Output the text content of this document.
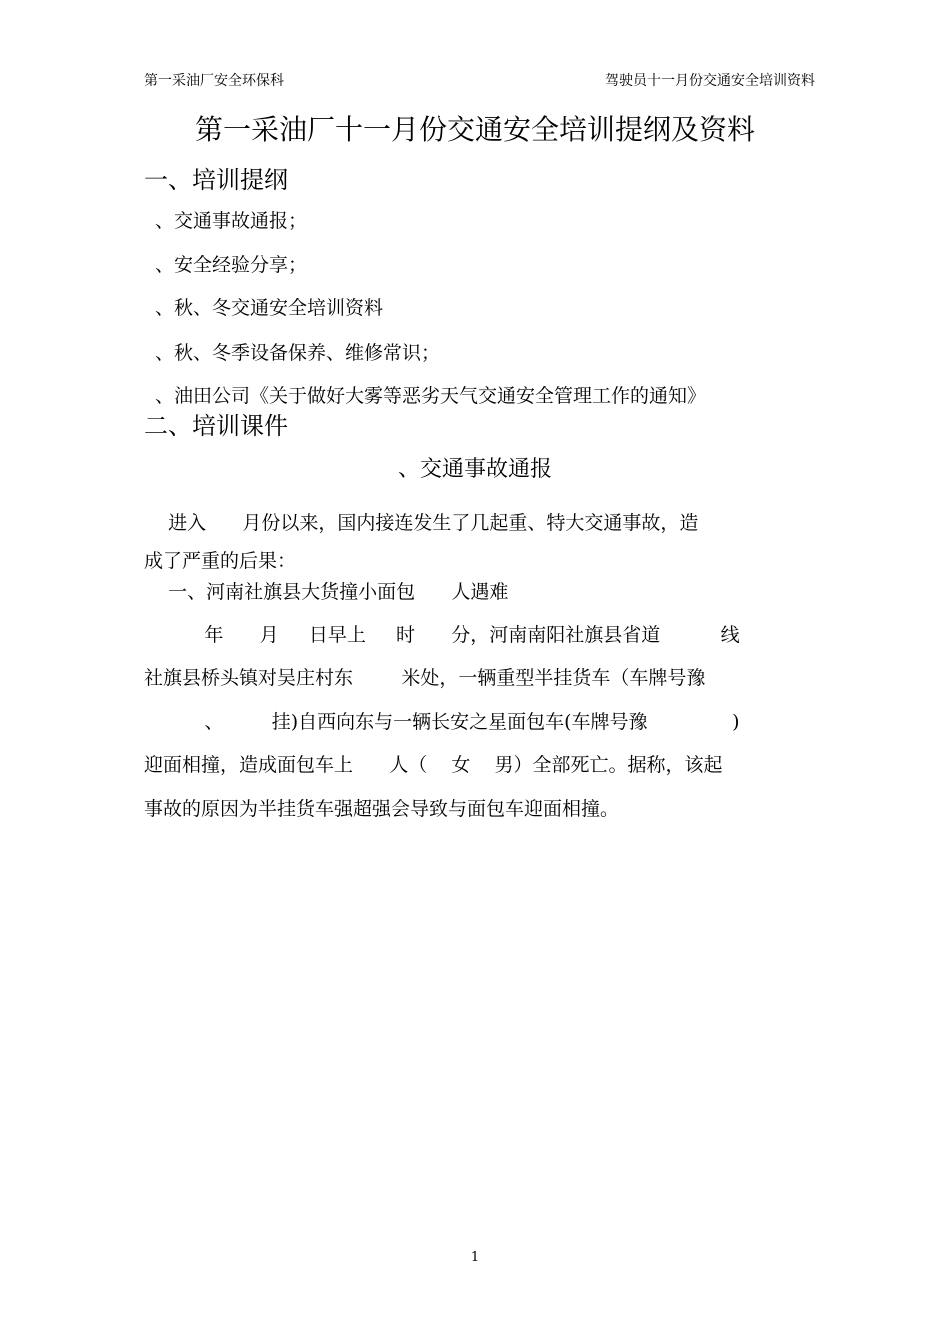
第一采油厂安全环保科	驾驶员十一月份交通安全培训资料
第一采油厂十一月份交通安全培训提纲及资料
一、培训提纲
、交通事故通报；
、安全经验分享；
、秋、冬交通安全培训资料
、秋、冬季设备保养、维修常识；
、油田公司《关于做好大雾等恶劣天气交通安全管理工作的通知》
二、培训课件
、交通事故通报
进入      月份以来，国内接连发生了几起重、特大交通事故，造
成了严重的后果：
一、河南社旗县大货撞小面包      人遇难
年      月     日早上     时      分，河南南阳社旗县省道          线
社旗县桥头镇对吴庄村东        米处，一辆重型半挂货车（车牌号豫
、        挂)自西向东与一辆长安之星面包车(车牌号豫              )
迎面相撞，造成面包车上      人（    女    男）全部死亡。据称，该起
事故的原因为半挂货车强超强会导致与面包车迎面相撞。
1
